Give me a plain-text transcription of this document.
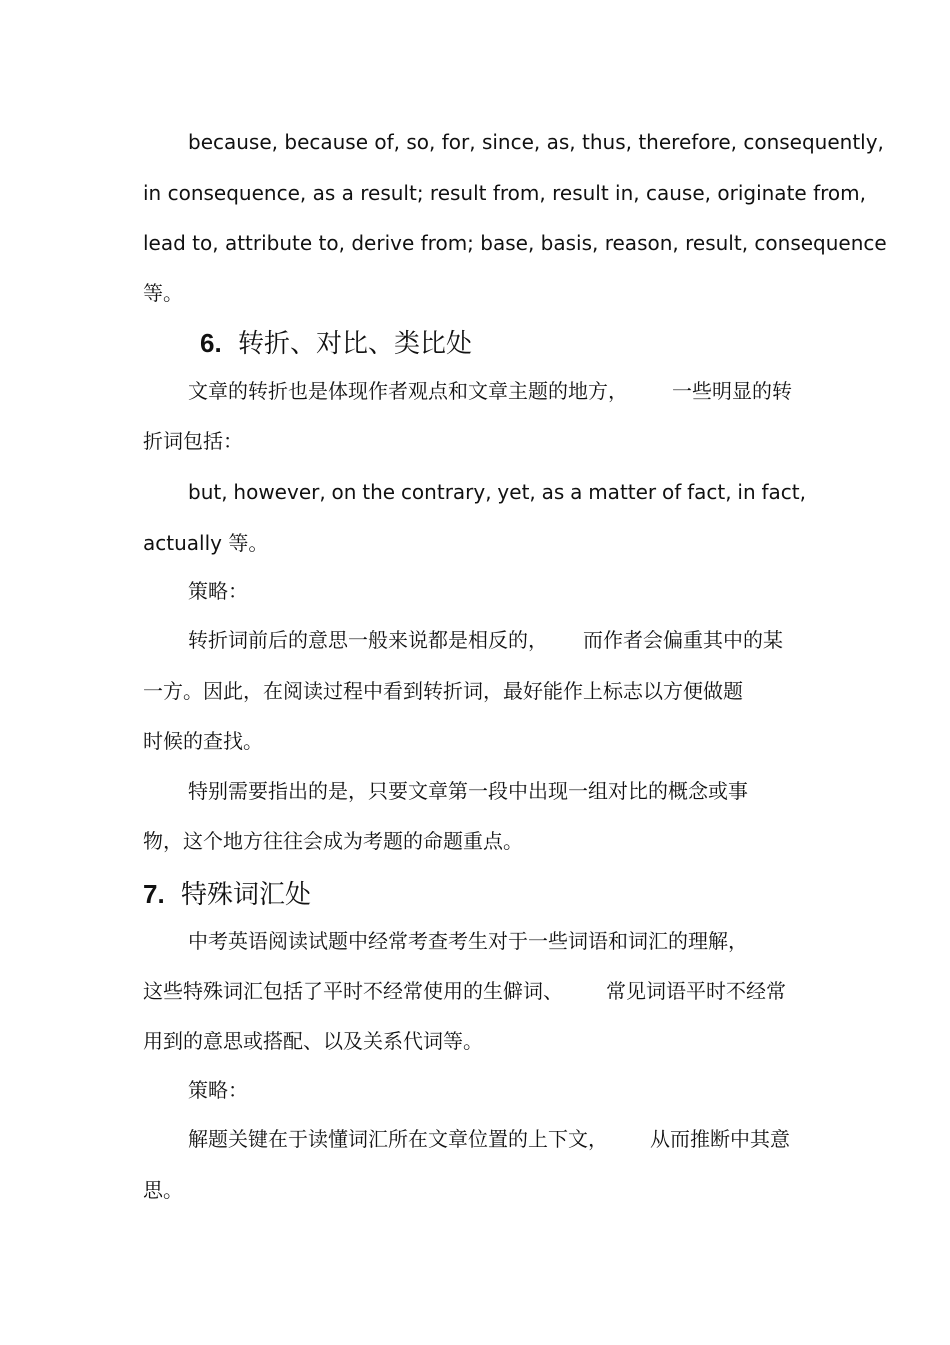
because, because of, so, for, since, as, thus, therefore, consequently,
in consequence, as a result; result from, result in, cause, originate from,
lead to, attribute to, derive from; base, basis, reason, result, consequence
等。
6. 转折、对比、类比处
文章的转折也是体现作者观点和文章主题的地方， 一些明显的转
折词包括：
but, however, on the contrary, yet, as a matter of fact, in fact,
actually 等。
策略：
转折词前后的意思一般来说都是相反的， 而作者会偏重其中的某
一方。因此，在阅读过程中看到转折词，最好能作上标志以方便做题
时候的查找。
特别需要指出的是，只要文章第一段中出现一组对比的概念或事
物，这个地方往往会成为考题的命题重点。
7. 特殊词汇处
中考英语阅读试题中经常考查考生对于一些词语和词汇的理解，
这些特殊词汇包括了平时不经常使用的生僻词、 常见词语平时不经常
用到的意思或搭配、以及关系代词等。
策略：
解题关键在于读懂词汇所在文章位置的上下文， 从而推断中其意
思。
